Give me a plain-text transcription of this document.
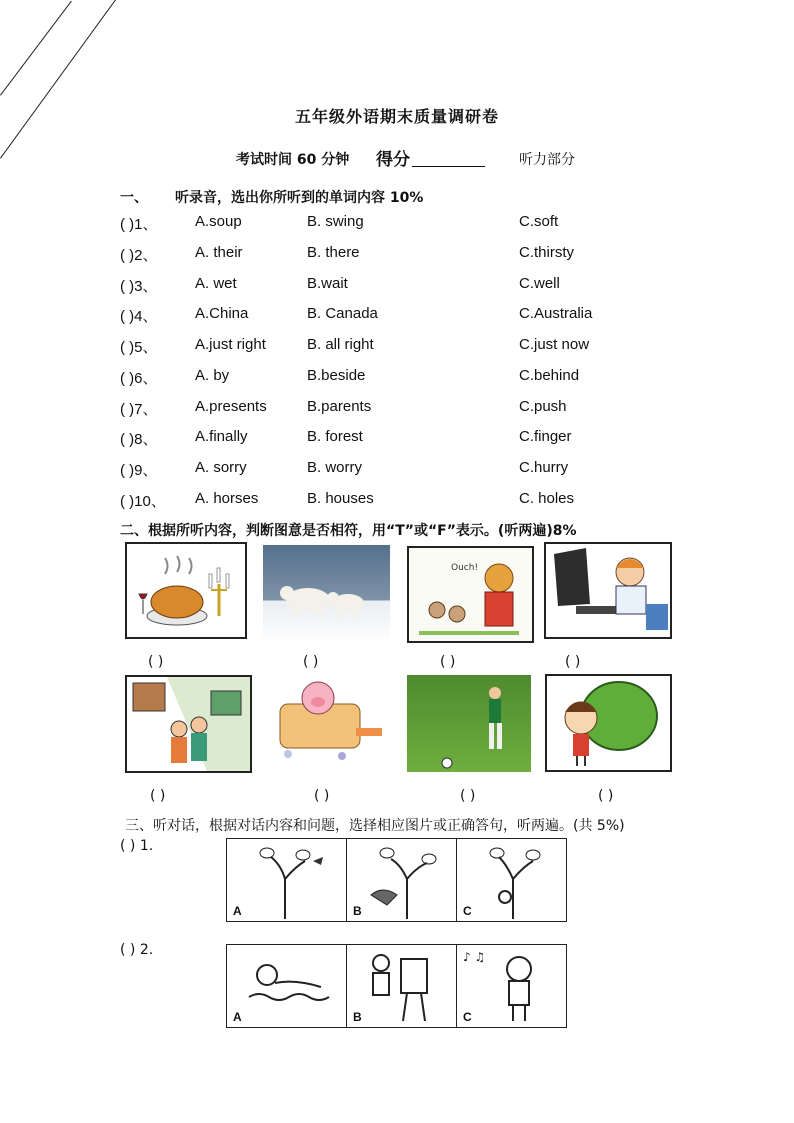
五年级外语期末质量调研卷
考试时间 60 分钟 得分	听力部分
一、 听录音，选出你所听到的单词内容 10%
( )1、 A.soup	B. swing	C.soft
( )2、 A. their	B. there	C.thirsty
( )3、 A. wet	B.wait	C.well
( )4、 A.China	B. Canada	C.Australia
( )5、 A.just right	B. all right	C.just now
( )6、 A. by	B.beside	C.behind
( )7、 A.presents	B.parents	C.push
( )8、 A.finally	B. forest	C.finger
( )9、 A. sorry	B. worry	C.hurry
( )10、 A. horses	B. houses	C. holes
二、根据所听内容，判断图意是否相符，用“T”或“F”表示。(听两遍)8%
Ouch!
( )	( )	( )	( )
( )	( )	( )	( )
三、听对话，根据对话内容和问题，选择相应图片或正确答句，听两遍。(共 5%)
( ) 1.
A	B	C
( ) 2.
A	B
♪ ♫
C
